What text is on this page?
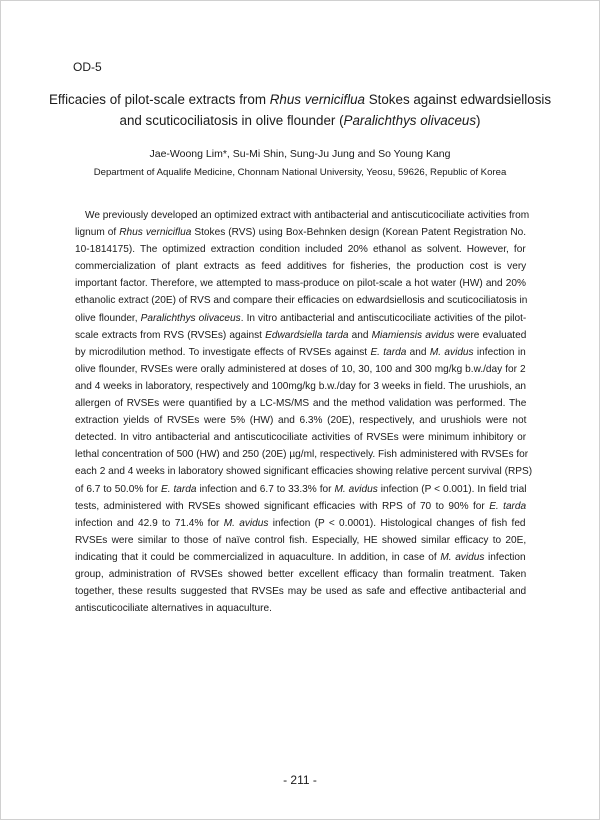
OD-5
Efficacies of pilot-scale extracts from Rhus verniciflua Stokes against edwardsiellosis
and scuticociliatosis in olive flounder (Paralichthys olivaceus)
Jae-Woong Lim*, Su-Mi Shin, Sung-Ju Jung and So Young Kang
Department of Aqualife Medicine, Chonnam National University, Yeosu, 59626, Republic of Korea
We previously developed an optimized extract with antibacterial and antiscuticociliate activities from
lignum of Rhus verniciflua Stokes (RVS) using Box-Behnken design (Korean Patent Registration No.
10-1814175). The optimized extraction condition included 20% ethanol as solvent. However, for
commercialization of plant extracts as feed additives for fisheries, the production cost is very
important factor. Therefore, we attempted to mass-produce on pilot-scale a hot water (HW) and 20%
ethanolic extract (20E) of RVS and compare their efficacies on edwardsiellosis and scuticociliatosis in
olive flounder, Paralichthys olivaceus. In vitro antibacterial and antiscuticociliate activities of the pilot-
scale extracts from RVS (RVSEs) against Edwardsiella tarda and Miamiensis avidus were evaluated
by microdilution method. To investigate effects of RVSEs against E. tarda and M. avidus infection in
olive flounder, RVSEs were orally administered at doses of 10, 30, 100 and 300 mg/kg b.w./day for 2
and 4 weeks in laboratory, respectively and 100mg/kg b.w./day for 3 weeks in field. The urushiols, an
allergen of RVSEs were quantified by a LC-MS/MS and the method validation was performed. The
extraction yields of RVSEs were 5% (HW) and 6.3% (20E), respectively, and urushiols were not
detected. In vitro antibacterial and antiscuticociliate activities of RVSEs were minimum inhibitory or
lethal concentration of 500 (HW) and 250 (20E) µg/ml, respectively. Fish administered with RVSEs for
each 2 and 4 weeks in laboratory showed significant efficacies showing relative percent survival (RPS)
of 6.7 to 50.0% for E. tarda infection and 6.7 to 33.3% for M. avidus infection (P < 0.001). In field trial
tests, administered with RVSEs showed significant efficacies with RPS of 70 to 90% for E. tarda
infection and 42.9 to 71.4% for M. avidus infection (P < 0.0001). Histological changes of fish fed
RVSEs were similar to those of naïve control fish. Especially, HE showed similar efficacy to 20E,
indicating that it could be commercialized in aquaculture. In addition, in case of M. avidus infection
group, administration of RVSEs showed better excellent efficacy than formalin treatment. Taken
together, these results suggested that RVSEs may be used as safe and effective antibacterial and
antiscuticociliate alternatives in aquaculture.
- 211 -
